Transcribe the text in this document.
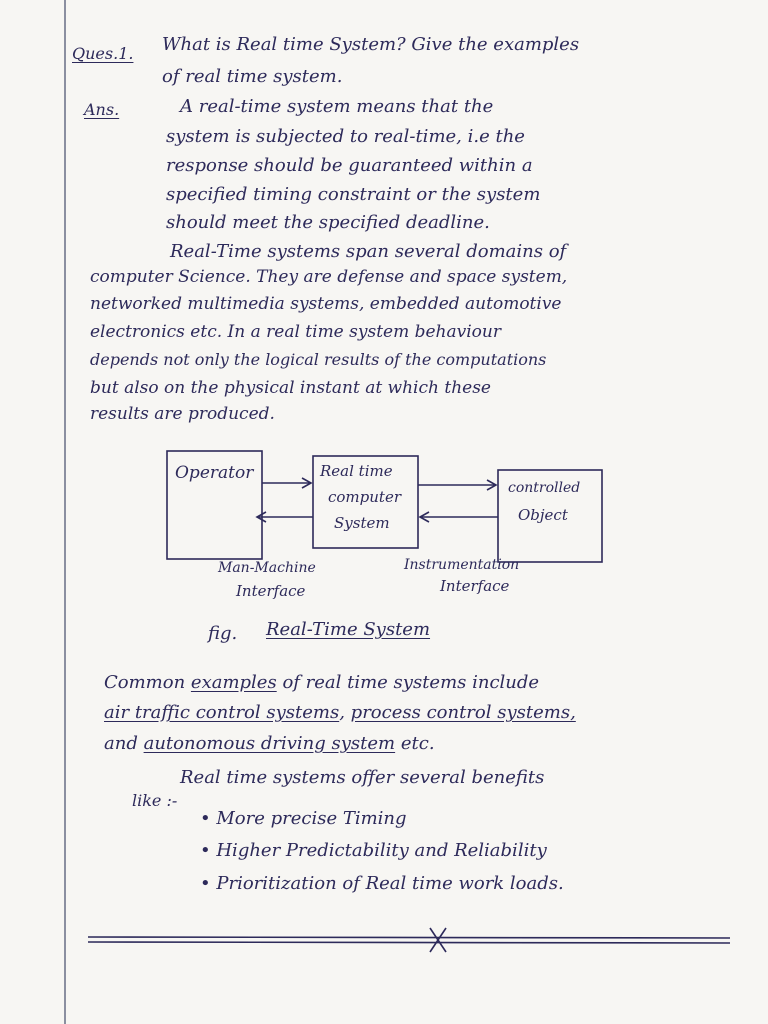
Ques.1. What is Real time System? Give the examples
of real time system.
Ans.	A real-time system means that the
system is subjected to real-time, i.e the
response should be guaranteed within a
specified timing constraint or the system
should meet the specified deadline.
Real-Time systems span several domains of
computer Science. They are defense and space system,
networked multimedia systems, embedded automotive
electronics etc. In a real time system behaviour
depends not only the logical results of the computations
but also on the physical instant at which these
results are produced.
Operator	Real time
computer
System
controlled
Object
Man-Machine
Interface
Instrumentation
Interface
fig. Real-Time System
Common examples of real time systems include
air traffic control systems, process control systems,
and autonomous driving system etc.
Real time systems offer several benefits
like :-
• More precise Timing
• Higher Predictability and Reliability
• Prioritization of Real time work loads.
